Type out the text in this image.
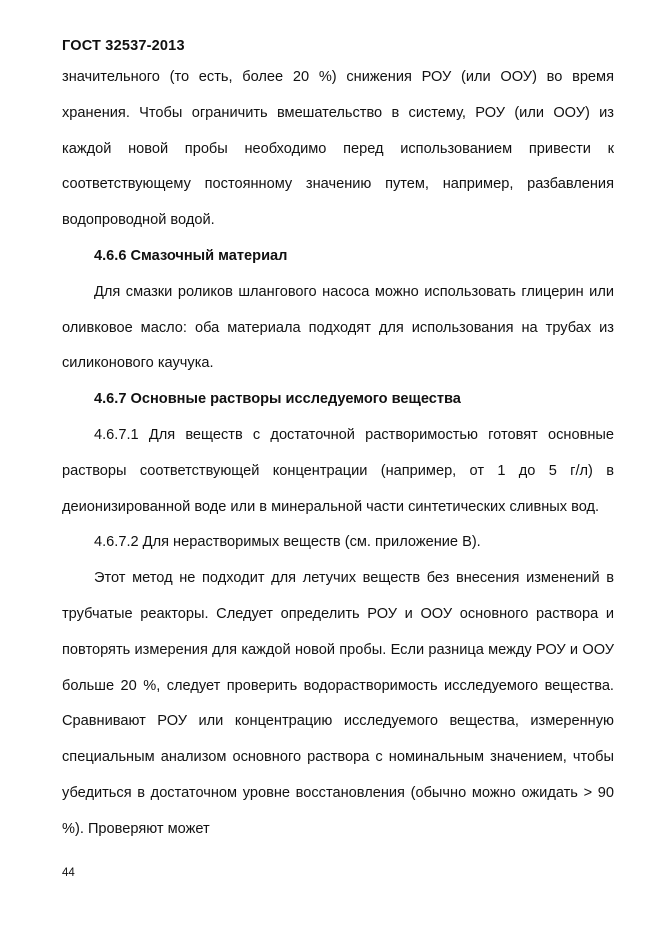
ГОСТ 32537-2013

значительного (то есть, более 20 %) снижения РОУ (или ООУ) во время хранения. Чтобы ограничить вмешательство в систему, РОУ (или ООУ) из каждой новой пробы необходимо перед использованием привести к соответствующему постоянному значению путем, например, разбавления водопроводной водой.

4.6.6 Смазочный материал

Для смазки роликов шлангового насоса можно использовать глицерин или оливковое масло: оба материала подходят для использования на трубах из силиконового каучука.

4.6.7 Основные растворы исследуемого вещества

4.6.7.1 Для веществ с достаточной растворимостью готовят основные растворы соответствующей концентрации (например, от 1 до 5 г/л) в деионизированной воде или в минеральной части синтетических сливных вод.

4.6.7.2 Для нерастворимых веществ (см. приложение В).

Этот метод не подходит для летучих веществ без внесения изменений в трубчатые реакторы. Следует определить РОУ и ООУ основного раствора и повторять измерения для каждой новой пробы. Если разница между РОУ и ООУ больше 20 %, следует проверить водорастворимость исследуемого вещества. Сравнивают РОУ или концентрацию исследуемого вещества, измеренную специальным анализом основного раствора с номинальным значением, чтобы убедиться в достаточном уровне восстановления (обычно можно ожидать > 90 %). Проверяют может

44
